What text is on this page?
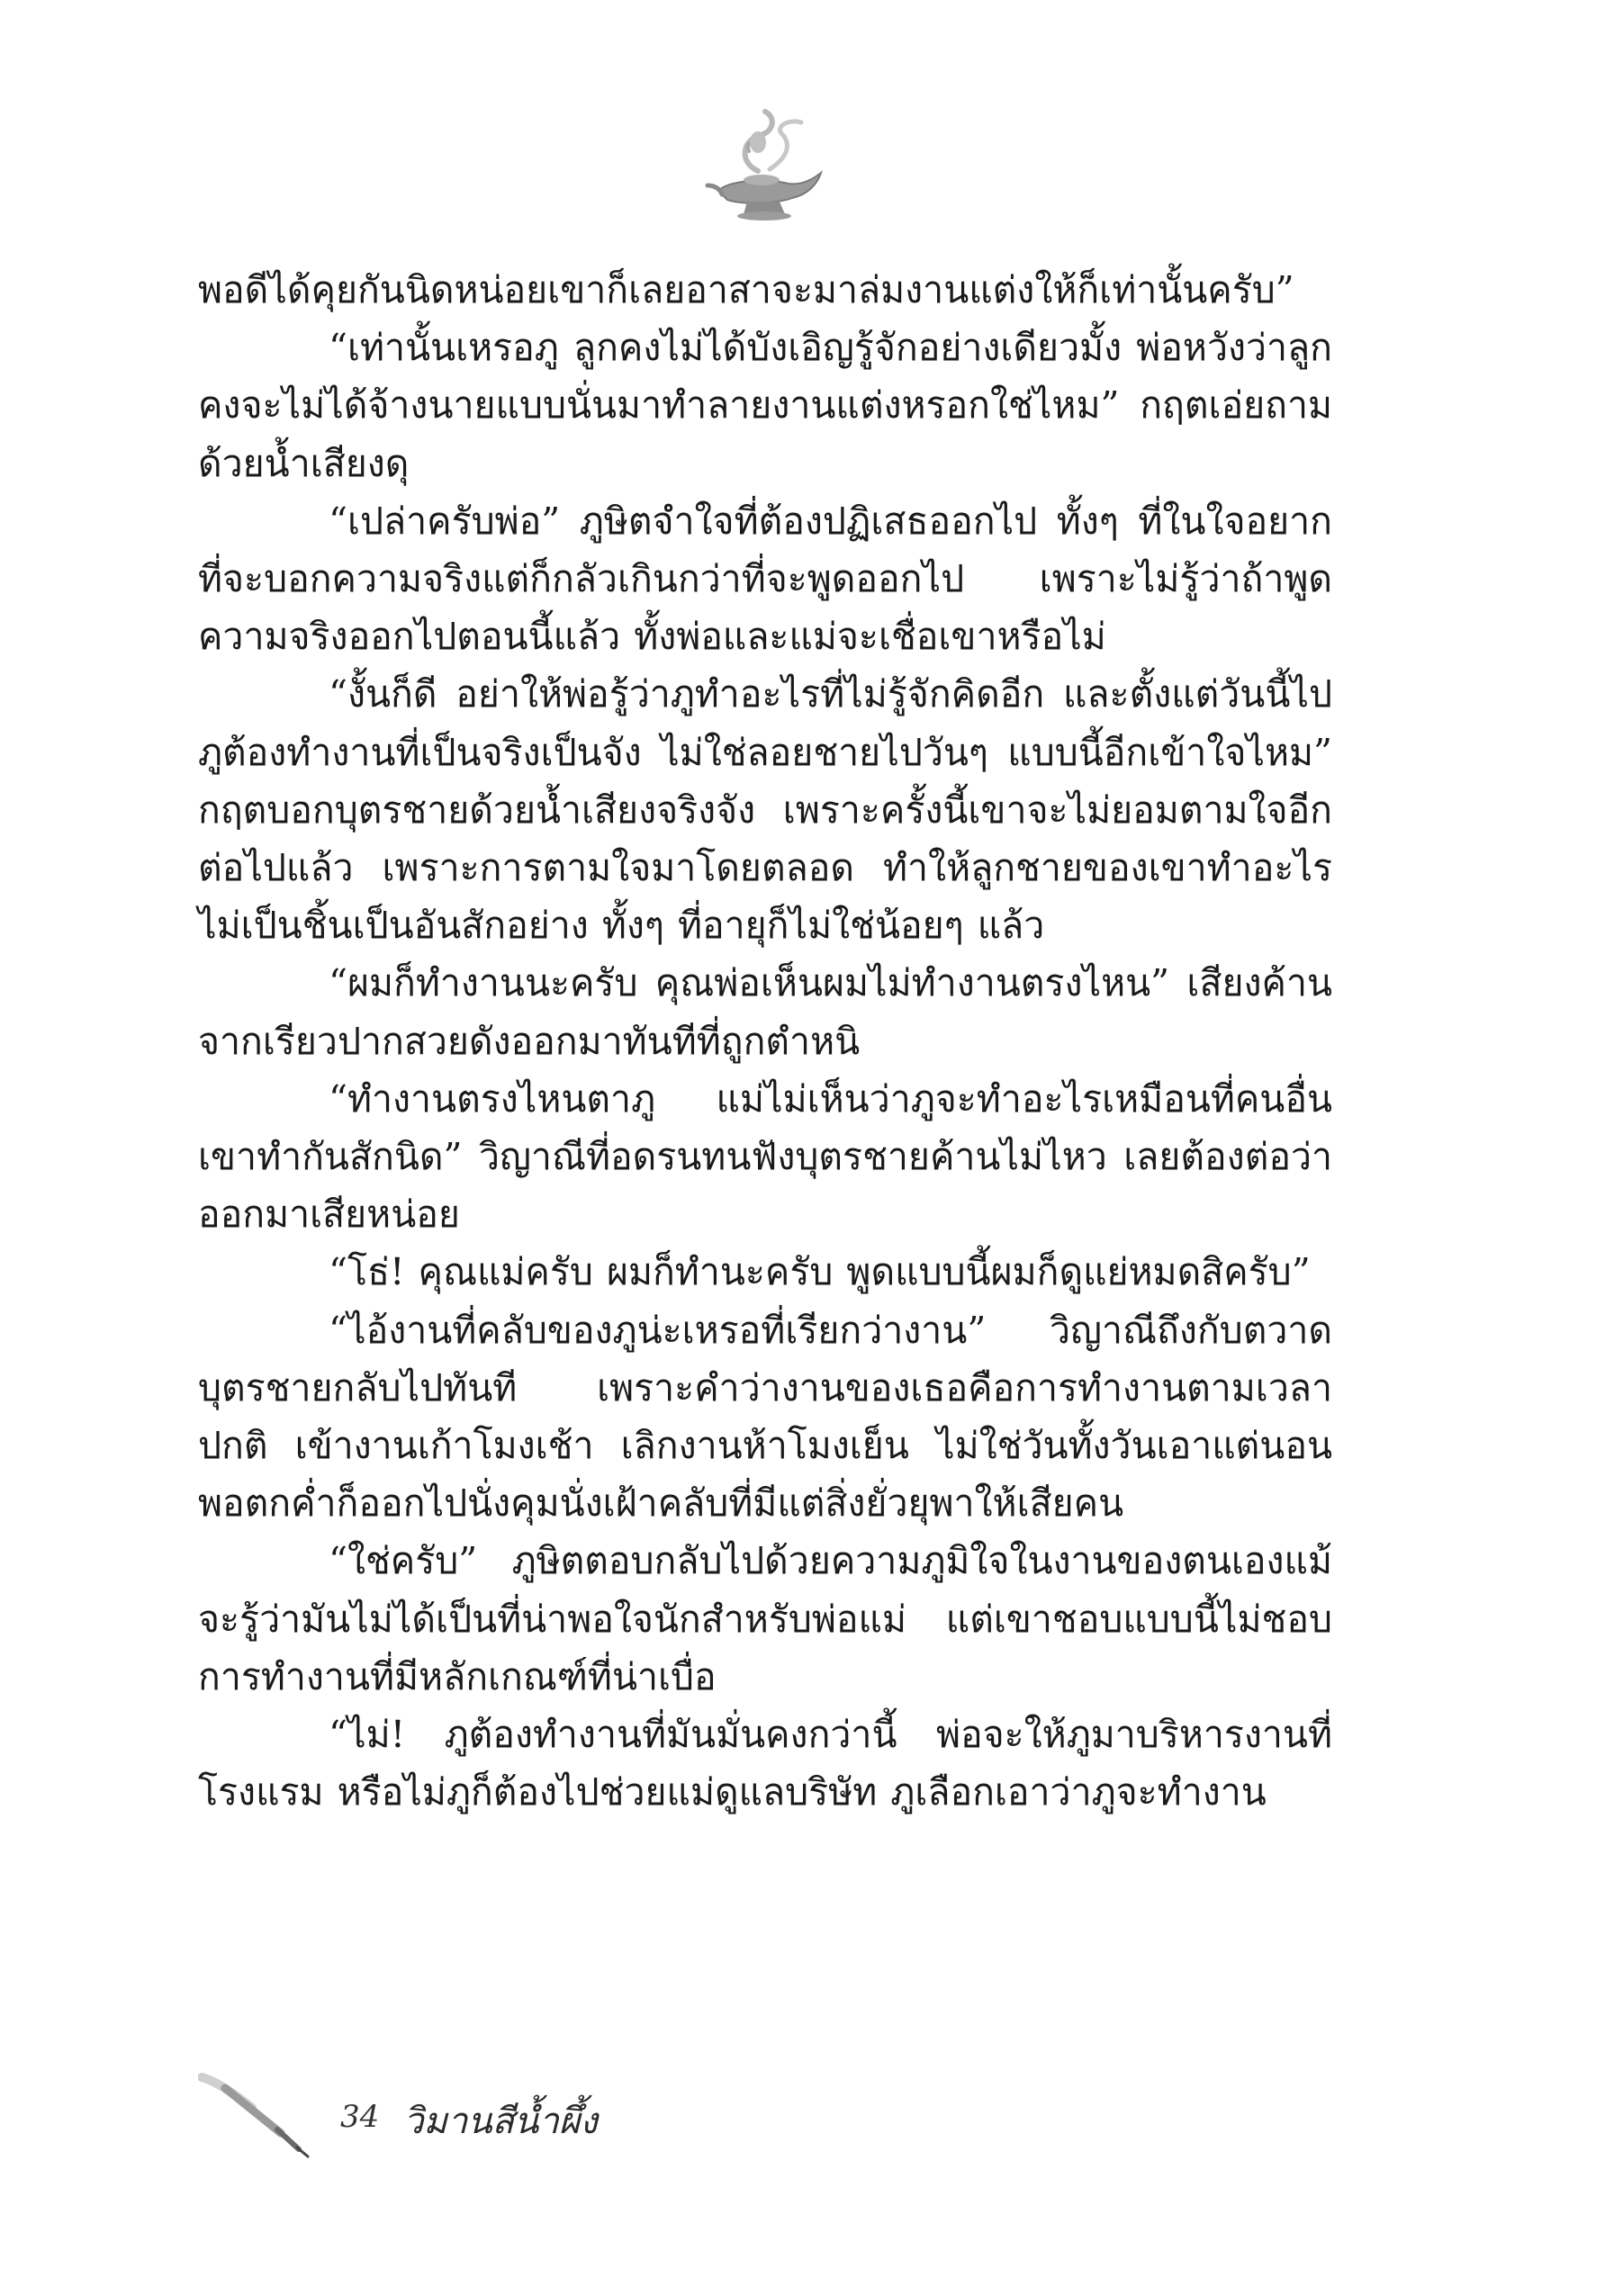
พอดีได้คุยกันนิดหน่อยเขาก็เลยอาสาจะมาล่มงานแต่งให้ก็เท่านั้นครับ”

“เท่านั้นเหรอภู ลูกคงไม่ได้บังเอิญรู้จักอย่างเดียวมั้ง พ่อหวังว่าลูกคงจะไม่ได้จ้างนายแบบนั่นมาทำลายงานแต่งหรอกใช่ไหม” กฤตเอ่ยถามด้วยน้ำเสียงดุ

“เปล่าครับพ่อ” ภูษิตจำใจที่ต้องปฏิเสธออกไป ทั้งๆ ที่ในใจอยากที่จะบอกความจริงแต่ก็กลัวเกินกว่าที่จะพูดออกไป เพราะไม่รู้ว่าถ้าพูดความจริงออกไปตอนนี้แล้ว ทั้งพ่อและแม่จะเชื่อเขาหรือไม่

“งั้นก็ดี อย่าให้พ่อรู้ว่าภูทำอะไรที่ไม่รู้จักคิดอีก และตั้งแต่วันนี้ไปภูต้องทำงานที่เป็นจริงเป็นจัง ไม่ใช่ลอยชายไปวันๆ แบบนี้อีกเข้าใจไหม” กฤตบอกบุตรชายด้วยน้ำเสียงจริงจัง เพราะครั้งนี้เขาจะไม่ยอมตามใจอีกต่อไปแล้ว เพราะการตามใจมาโดยตลอด ทำให้ลูกชายของเขาทำอะไรไม่เป็นชิ้นเป็นอันสักอย่าง ทั้งๆ ที่อายุก็ไม่ใช่น้อยๆ แล้ว

“ผมก็ทำงานนะครับ คุณพ่อเห็นผมไม่ทำงานตรงไหน” เสียงค้านจากเรียวปากสวยดังออกมาทันทีที่ถูกตำหนิ

“ทำงานตรงไหนตาภู แม่ไม่เห็นว่าภูจะทำอะไรเหมือนที่คนอื่นเขาทำกันสักนิด” วิญาณีที่อดรนทนฟังบุตรชายค้านไม่ไหว เลยต้องต่อว่าออกมาเสียหน่อย

“โธ่! คุณแม่ครับ ผมก็ทำนะครับ พูดแบบนี้ผมก็ดูแย่หมดสิครับ”

“ไอ้งานที่คลับของภูน่ะเหรอที่เรียกว่างาน” วิญาณีถึงกับตวาดบุตรชายกลับไปทันที เพราะคำว่างานของเธอคือการทำงานตามเวลาปกติ เข้างานเก้าโมงเช้า เลิกงานห้าโมงเย็น ไม่ใช่วันทั้งวันเอาแต่นอนพอตกค่ำก็ออกไปนั่งคุมนั่งเฝ้าคลับที่มีแต่สิ่งยั่วยุพาให้เสียคน

“ใช่ครับ” ภูษิตตอบกลับไปด้วยความภูมิใจในงานของตนเองแม้จะรู้ว่ามันไม่ได้เป็นที่น่าพอใจนักสำหรับพ่อแม่ แต่เขาชอบแบบนี้ไม่ชอบการทำงานที่มีหลักเกณฑ์ที่น่าเบื่อ

“ไม่! ภูต้องทำงานที่มันมั่นคงกว่านี้ พ่อจะให้ภูมาบริหารงานที่โรงแรม หรือไม่ภูก็ต้องไปช่วยแม่ดูแลบริษัท ภูเลือกเอาว่าภูจะทำงาน

34 วิมานสีน้ำผึ้ง
